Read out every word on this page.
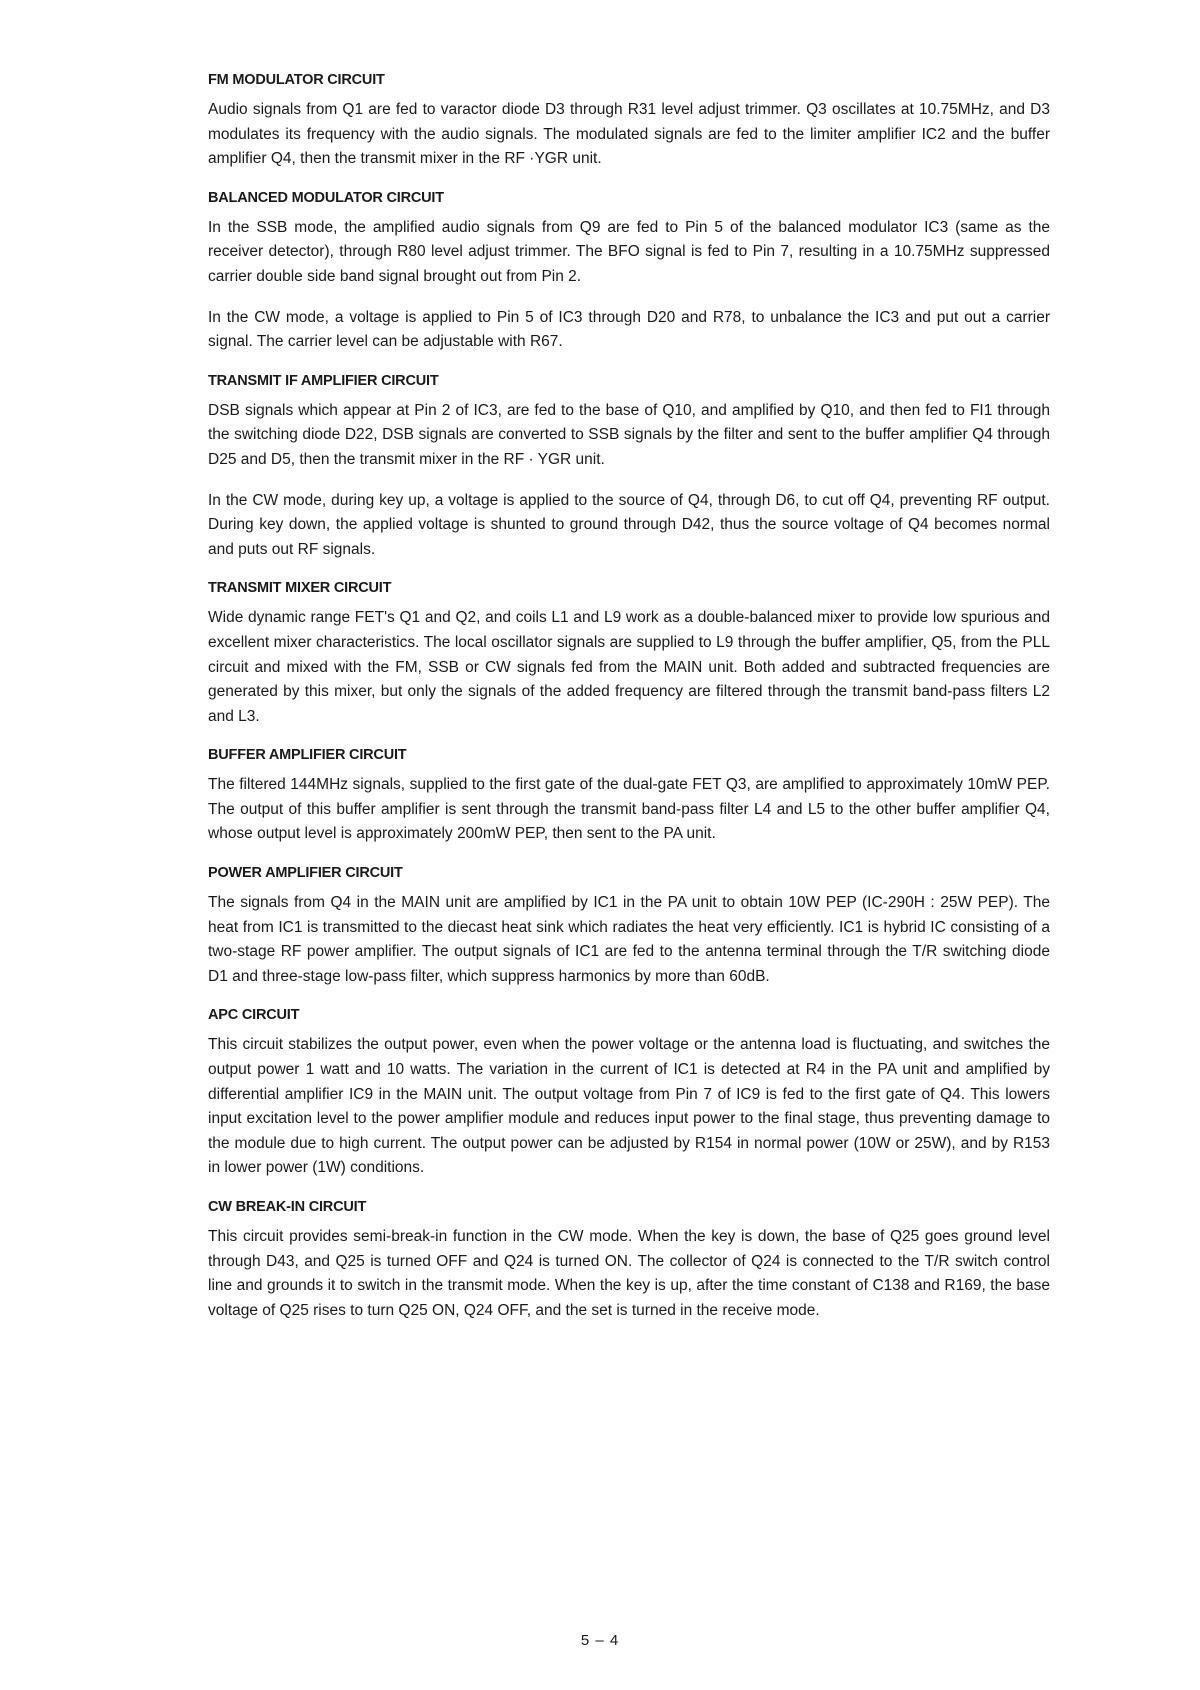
FM MODULATOR CIRCUIT

Audio signals from Q1 are fed to varactor diode D3 through R31 level adjust trimmer. Q3 oscillates at 10.75MHz, and D3 modulates its frequency with the audio signals. The modulated signals are fed to the limiter amplifier IC2 and the buffer amplifier Q4, then the transmit mixer in the RF ·YGR unit.

BALANCED MODULATOR CIRCUIT

In the SSB mode, the amplified audio signals from Q9 are fed to Pin 5 of the balanced modulator IC3 (same as the receiver detector), through R80 level adjust trimmer. The BFO signal is fed to Pin 7, resulting in a 10.75MHz suppressed carrier double side band signal brought out from Pin 2.

In the CW mode, a voltage is applied to Pin 5 of IC3 through D20 and R78, to unbalance the IC3 and put out a carrier signal. The carrier level can be adjustable with R67.

TRANSMIT IF AMPLIFIER CIRCUIT

DSB signals which appear at Pin 2 of IC3, are fed to the base of Q10, and amplified by Q10, and then fed to FI1 through the switching diode D22, DSB signals are converted to SSB signals by the filter and sent to the buffer amplifier Q4 through D25 and D5, then the transmit mixer in the RF · YGR unit.

In the CW mode, during key up, a voltage is applied to the source of Q4, through D6, to cut off Q4, preventing RF output. During key down, the applied voltage is shunted to ground through D42, thus the source voltage of Q4 becomes normal and puts out RF signals.

TRANSMIT MIXER CIRCUIT

Wide dynamic range FET's Q1 and Q2, and coils L1 and L9 work as a double-balanced mixer to provide low spurious and excellent mixer characteristics. The local oscillator signals are supplied to L9 through the buffer amplifier, Q5, from the PLL circuit and mixed with the FM, SSB or CW signals fed from the MAIN unit. Both added and subtracted frequencies are generated by this mixer, but only the signals of the added frequency are filtered through the transmit band-pass filters L2 and L3.

BUFFER AMPLIFIER CIRCUIT

The filtered 144MHz signals, supplied to the first gate of the dual-gate FET Q3, are amplified to approximately 10mW PEP. The output of this buffer amplifier is sent through the transmit band-pass filter L4 and L5 to the other buffer amplifier Q4, whose output level is approximately 200mW PEP, then sent to the PA unit.

POWER AMPLIFIER CIRCUIT

The signals from Q4 in the MAIN unit are amplified by IC1 in the PA unit to obtain 10W PEP (IC-290H : 25W PEP). The heat from IC1 is transmitted to the diecast heat sink which radiates the heat very efficiently. IC1 is hybrid IC consisting of a two-stage RF power amplifier. The output signals of IC1 are fed to the antenna terminal through the T/R switching diode D1 and three-stage low-pass filter, which suppress harmonics by more than 60dB.

APC CIRCUIT

This circuit stabilizes the output power, even when the power voltage or the antenna load is fluctuating, and switches the output power 1 watt and 10 watts. The variation in the current of IC1 is detected at R4 in the PA unit and amplified by differential amplifier IC9 in the MAIN unit. The output voltage from Pin 7 of IC9 is fed to the first gate of Q4. This lowers input excitation level to the power amplifier module and reduces input power to the final stage, thus preventing damage to the module due to high current. The output power can be adjusted by R154 in normal power (10W or 25W), and by R153 in lower power (1W) conditions.

CW BREAK-IN CIRCUIT

This circuit provides semi-break-in function in the CW mode. When the key is down, the base of Q25 goes ground level through D43, and Q25 is turned OFF and Q24 is turned ON. The collector of Q24 is connected to the T/R switch control line and grounds it to switch in the transmit mode. When the key is up, after the time constant of C138 and R169, the base voltage of Q25 rises to turn Q25 ON, Q24 OFF, and the set is turned in the receive mode.

5 – 4
